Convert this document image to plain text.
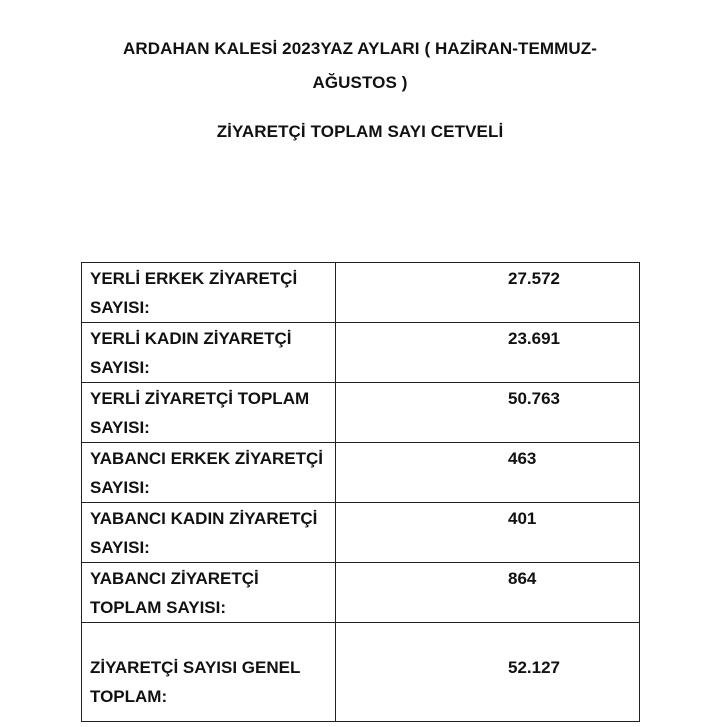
ARDAHAN KALESİ 2023YAZ AYLARI ( HAZİRAN-TEMMUZ-
AĞUSTOS )
ZİYARETÇİ TOPLAM SAYI CETVELİ
YERLİ ERKEK ZİYARETÇİ SAYISI:	27.572
YERLİ KADIN ZİYARETÇİ SAYISI:	23.691
YERLİ ZİYARETÇİ TOPLAM SAYISI:	50.763
YABANCI ERKEK ZİYARETÇİ SAYISI:	463
YABANCI KADIN ZİYARETÇİ SAYISI:	401
YABANCI ZİYARETÇİ TOPLAM SAYISI:	864
ZİYARETÇİ SAYISI GENEL TOPLAM:	52.127
